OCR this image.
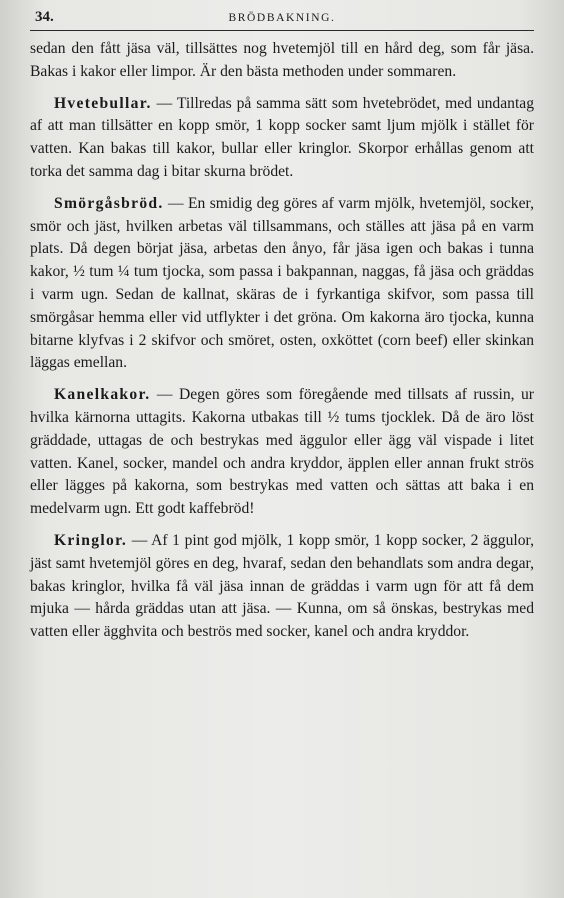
34.	BRÖDBAKNING.

sedan den fått jäsa väl, tillsättes nog hvetemjöl till en hård deg, som får jäsa. Bakas i kakor eller limpor. Är den bästa methoden under sommaren.

Hvetebullar. — Tillredas på samma sätt som hvetebrödet, med undantag af att man tillsätter en kopp smör, 1 kopp socker samt ljum mjölk i stället för vatten. Kan bakas till kakor, bullar eller kringlor. Skorpor erhållas genom att torka det samma dag i bitar skurna brödet.

Smörgåsbröd. — En smidig deg göres af varm mjölk, hvetemjöl, socker, smör och jäst, hvilken arbetas väl tillsammans, och ställes att jäsa på en varm plats. Då degen börjat jäsa, arbetas den ånyo, får jäsa igen och bakas i tunna kakor, ½ tum ¼ tum tjocka, som passa i bakpannan, naggas, få jäsa och gräddas i varm ugn. Sedan de kallnat, skäras de i fyrkantiga skifvor, som passa till smörgåsar hemma eller vid utflykter i det gröna. Om kakorna äro tjocka, kunna bitarne klyfvas i 2 skifvor och smöret, osten, oxköttet (corn beef) eller skinkan läggas emellan.

Kanelkakor. — Degen göres som föregående med tillsats af russin, ur hvilka kärnorna uttagits. Kakorna utbakas till ½ tums tjocklek. Då de äro löst gräddade, uttagas de och bestrykas med äggulor eller ägg väl vispade i litet vatten. Kanel, socker, mandel och andra kryddor, äpplen eller annan frukt strös eller lägges på kakorna, som bestrykas med vatten och sättas att baka i en medelvarm ugn. Ett godt kaffebröd!

Kringlor. — Af 1 pint god mjölk, 1 kopp smör, 1 kopp socker, 2 äggulor, jäst samt hvetemjöl göres en deg, hvaraf, sedan den behandlats som andra degar, bakas kringlor, hvilka få väl jäsa innan de gräddas i varm ugn för att få dem mjuka — hårda gräddas utan att jäsa. — Kunna, om så önskas, bestrykas med vatten eller ägghvita och beströs med socker, kanel och andra kryddor.
